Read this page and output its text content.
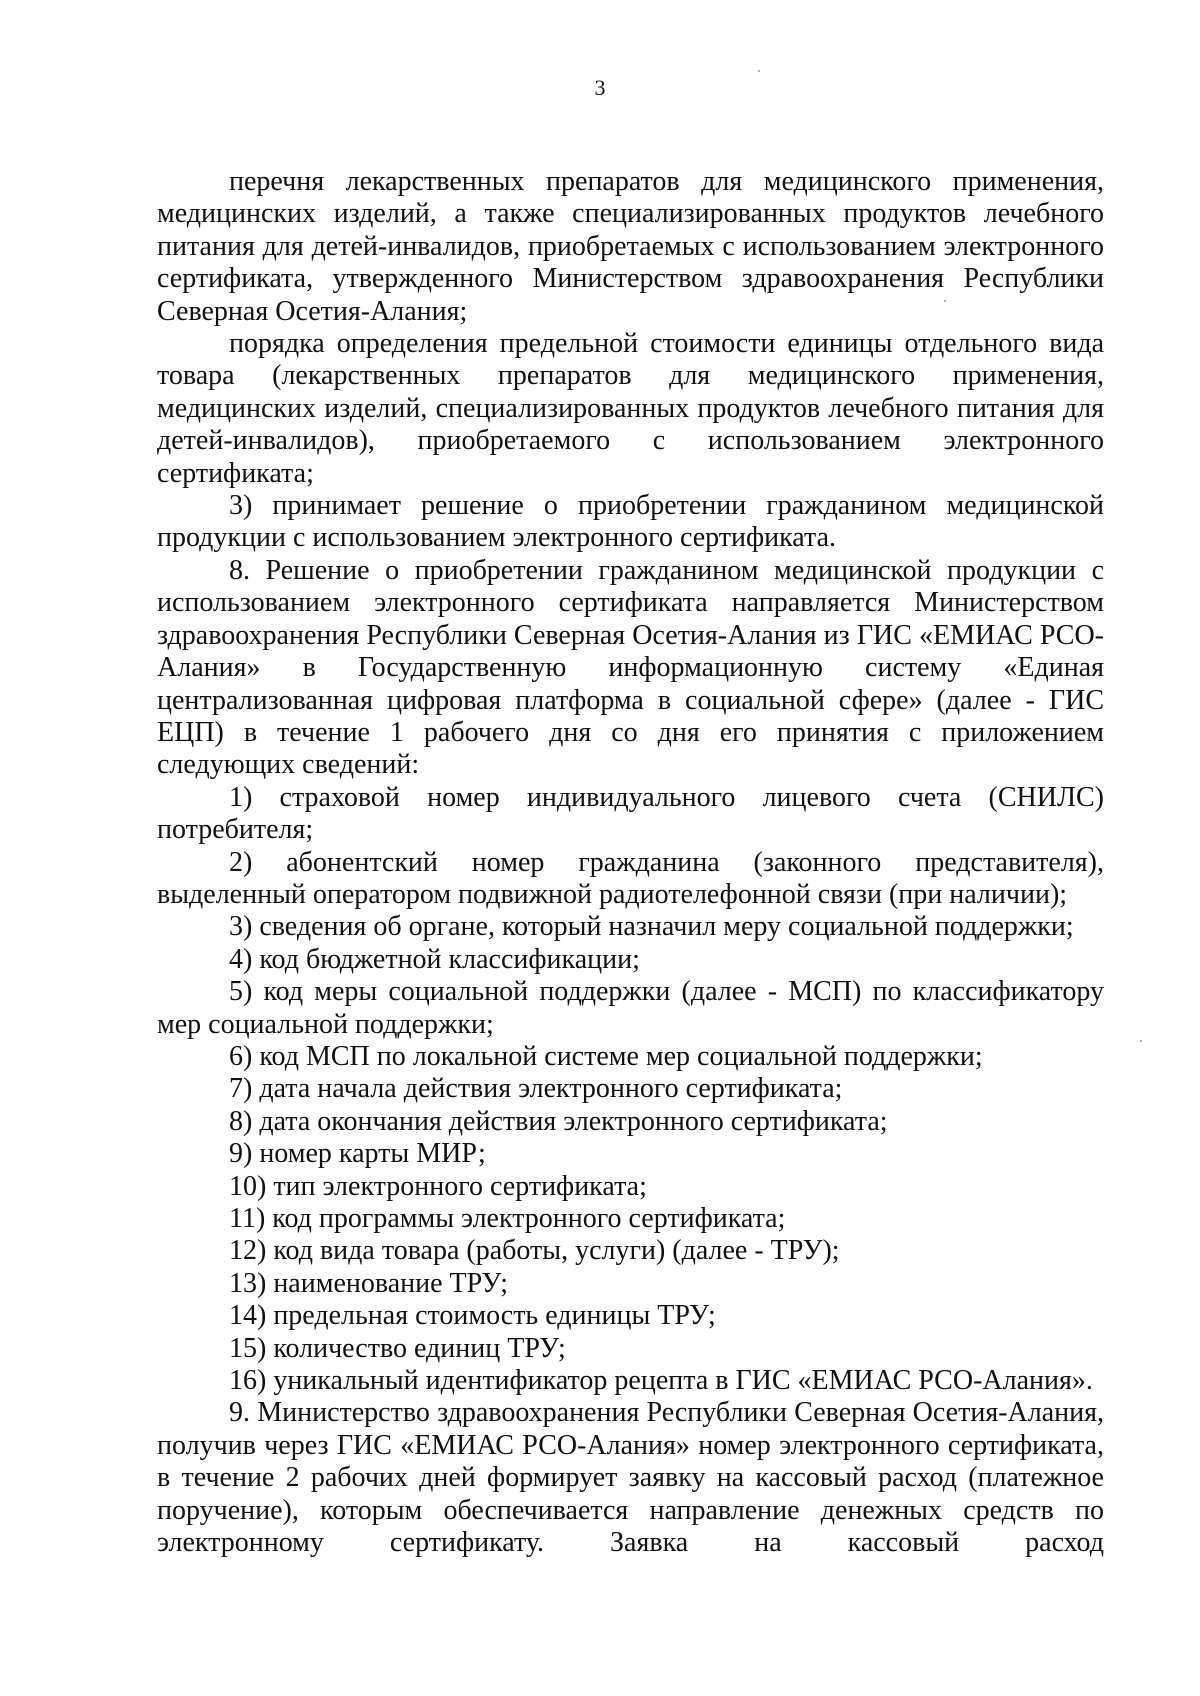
3

перечня лекарственных препаратов для медицинского применения, медицинских изделий, а также специализированных продуктов лечебного питания для детей-инвалидов, приобретаемых с использованием электронного сертификата, утвержденного Министерством здравоохранения Республики Северная Осетия-Алания;

порядка определения предельной стоимости единицы отдельного вида товара (лекарственных препаратов для медицинского применения, медицинских изделий, специализированных продуктов лечебного питания для детей-инвалидов), приобретаемого с использованием электронного сертификата;

3) принимает решение о приобретении гражданином медицинской продукции с использованием электронного сертификата.

8. Решение о приобретении гражданином медицинской продукции с использованием электронного сертификата направляется Министерством здравоохранения Республики Северная Осетия-Алания из ГИС «ЕМИАС РСО-Алания» в Государственную информационную систему «Единая централизованная цифровая платформа в социальной сфере» (далее - ГИС ЕЦП) в течение 1 рабочего дня со дня его принятия с приложением следующих сведений:

1) страховой номер индивидуального лицевого счета (СНИЛС) потребителя;

2) абонентский номер гражданина (законного представителя), выделенный оператором подвижной радиотелефонной связи (при наличии);

3) сведения об органе, который назначил меру социальной поддержки;

4) код бюджетной классификации;

5) код меры социальной поддержки (далее - МСП) по классификатору мер социальной поддержки;

6) код МСП по локальной системе мер социальной поддержки;

7) дата начала действия электронного сертификата;

8) дата окончания действия электронного сертификата;

9) номер карты МИР;

10) тип электронного сертификата;

11) код программы электронного сертификата;

12) код вида товара (работы, услуги) (далее - ТРУ);

13) наименование ТРУ;

14) предельная стоимость единицы ТРУ;

15) количество единиц ТРУ;

16) уникальный идентификатор рецепта в ГИС «ЕМИАС РСО-Алания».

9. Министерство здравоохранения Республики Северная Осетия-Алания, получив через ГИС «ЕМИАС РСО-Алания» номер электронного сертификата, в течение 2 рабочих дней формирует заявку на кассовый расход (платежное поручение), которым обеспечивается направление денежных средств по электронному сертификату. Заявка на кассовый расход
